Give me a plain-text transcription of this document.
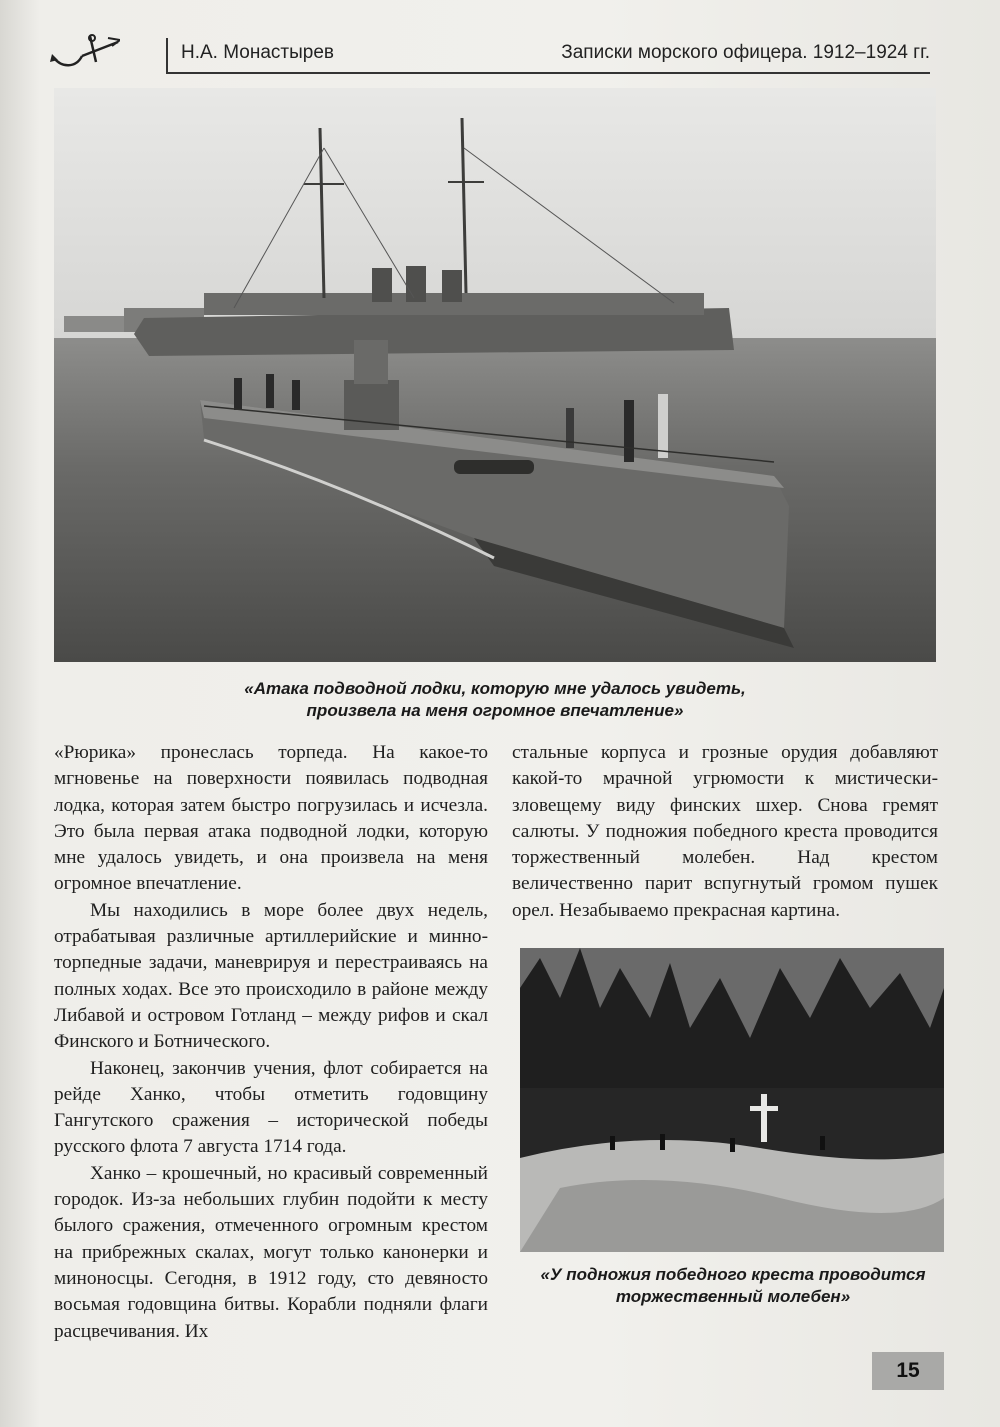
Н.А. Монастырев	Записки морского офицера. 1912–1924 гг.
«Атака подводной лодки, которую мне удалось увидеть,
произвела на меня огромное впечатление»

«Рюрика» пронеслась торпеда. На какое-то мгновенье на поверхности появилась подводная лодка, которая затем быстро погрузилась и исчезла. Это была первая атака подводной лодки, которую мне удалось увидеть, и она произвела на меня огромное впечатление.

Мы находились в море более двух недель, отрабатывая различные артиллерийские и минно-торпедные задачи, маневрируя и перестраиваясь на полных ходах. Все это происходило в районе между Либавой и островом Готланд – между рифов и скал Финского и Ботнического.

Наконец, закончив учения, флот собирается на рейде Ханко, чтобы отметить годовщину Гангутского сражения – исторической победы русского флота 7 августа 1714 года.

Ханко – крошечный, но красивый современный городок. Из-за небольших глубин подойти к месту былого сражения, отмеченного огромным крестом на прибрежных скалах, могут только канонерки и миноносцы. Сегодня, в 1912 году, сто девяносто восьмая годовщина битвы. Корабли подняли флаги расцвечивания. Их

стальные корпуса и грозные орудия добавляют какой-то мрачной угрюмости к мистически-зловещему виду финских шхер. Снова гремят салюты. У подножия победного креста проводится торжественный молебен. Над крестом величественно парит вспугнутый громом пушек орел. Незабываемо прекрасная картина.

«У подножия победного креста проводится
торжественный молебен»
15
